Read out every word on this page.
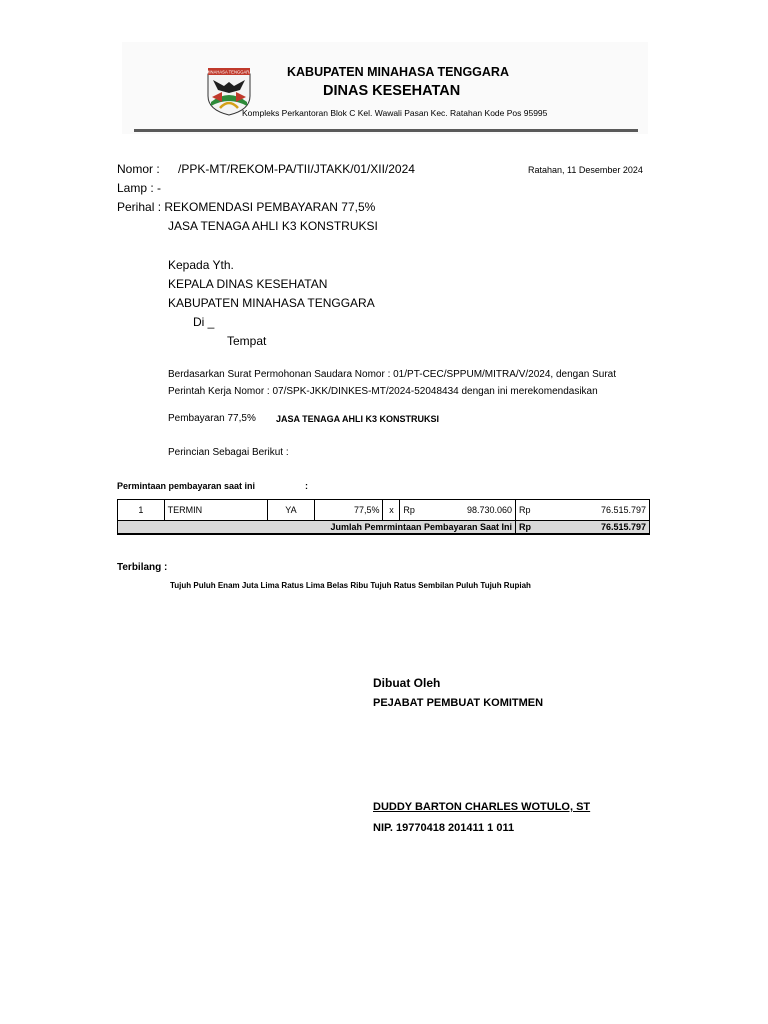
MINAHASA TENGGARA	KABUPATEN MINAHASA TENGGARA
DINAS KESEHATAN
Kompleks Perkantoran Blok C Kel. Wawali Pasan Kec. Ratahan Kode Pos 95995
Nomor : /PPK-MT/REKOM-PA/TII/JTAKK/01/XII/2024	Ratahan, 11 Desember 2024
Lamp : -
Perihal : REKOMENDASI PEMBAYARAN 77,5%
JASA TENAGA AHLI K3 KONSTRUKSI
Kepada Yth.
KEPALA DINAS KESEHATAN
KABUPATEN MINAHASA TENGGARA
Di _
Tempat
Berdasarkan Surat Permohonan Saudara Nomor : 01/PT-CEC/SPPUM/MITRA/V/2024, dengan Surat
Perintah Kerja Nomor : 07/SPK-JKK/DINKES-MT/2024-52048434 dengan ini merekomendasikan
Pembayaran 77,5% JASA TENAGA AHLI K3 KONSTRUKSI
Perincian Sebagai Berikut :
Permintaan pembayaran saat ini	:
1	TERMIN	YA	77,5%	x	Rp	98.730.060	Rp	76.515.797
Jumlah Pemrmintaan Pembayaran Saat Ini							Rp	76.515.797
Terbilang :
Tujuh Puluh Enam Juta Lima Ratus Lima Belas Ribu Tujuh Ratus Sembilan Puluh Tujuh Rupiah
Dibuat Oleh
PEJABAT PEMBUAT KOMITMEN
DUDDY BARTON CHARLES WOTULO, ST
NIP. 19770418 201411 1 011
